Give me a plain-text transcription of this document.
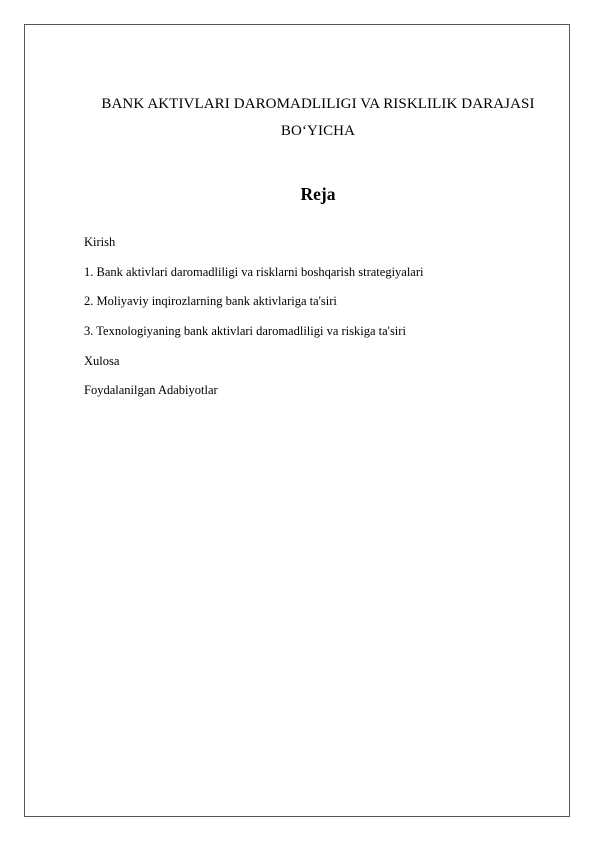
BANK AKTIVLARI DAROMADLILIGI VA RISKLILIK DARAJASI
BO‘YICHA
Reja
Kirish
1. Bank aktivlari daromadliligi va risklarni boshqarish strategiyalari
2. Moliyaviy inqirozlarning bank aktivlariga ta'siri
3. Texnologiyaning bank aktivlari daromadliligi va riskiga ta'siri
Xulosa
Foydalanilgan Adabiyotlar
